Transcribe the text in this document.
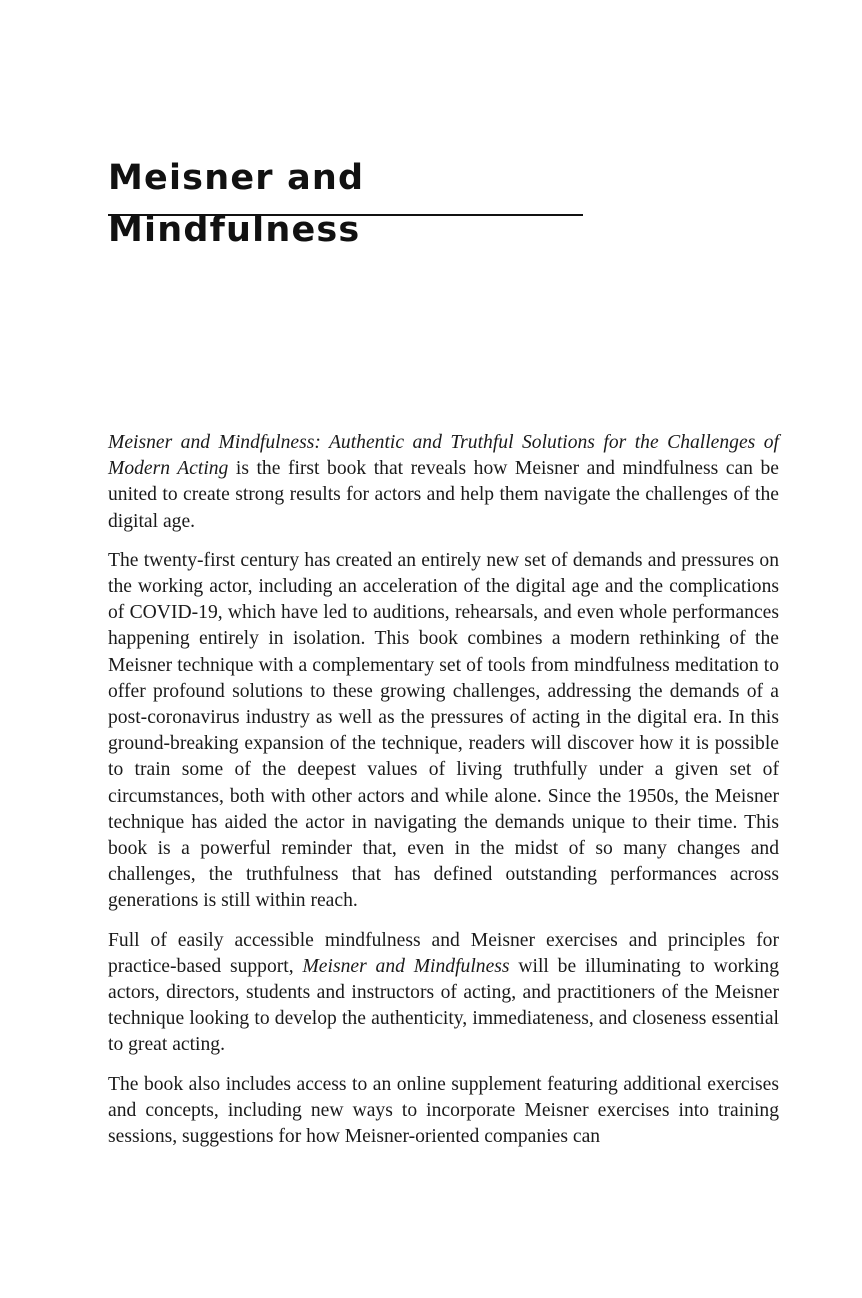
Meisner and Mindfulness

Meisner and Mindfulness: Authentic and Truthful Solutions for the Challenges of Modern Acting is the first book that reveals how Meisner and mindfulness can be united to create strong results for actors and help them navigate the challenges of the digital age.

The twenty-first century has created an entirely new set of demands and pressures on the working actor, including an acceleration of the digital age and the complications of COVID-19, which have led to auditions, rehearsals, and even whole performances happening entirely in isolation. This book combines a modern rethinking of the Meisner technique with a complementary set of tools from mindfulness meditation to offer profound solutions to these growing challenges, addressing the demands of a post-coronavirus industry as well as the pressures of acting in the digital era. In this ground-breaking expansion of the technique, readers will discover how it is possible to train some of the deepest values of living truthfully under a given set of circumstances, both with other actors and while alone. Since the 1950s, the Meisner technique has aided the actor in navigating the demands unique to their time. This book is a powerful reminder that, even in the midst of so many changes and challenges, the truthfulness that has defined outstanding performances across generations is still within reach.

Full of easily accessible mindfulness and Meisner exercises and principles for practice-based support, Meisner and Mindfulness will be illuminating to working actors, directors, students and instructors of acting, and practitioners of the Meisner technique looking to develop the authenticity, immediateness, and closeness essential to great acting.

The book also includes access to an online supplement featuring additional exercises and concepts, including new ways to incorporate Meisner exercises into training sessions, suggestions for how Meisner-oriented companies can
